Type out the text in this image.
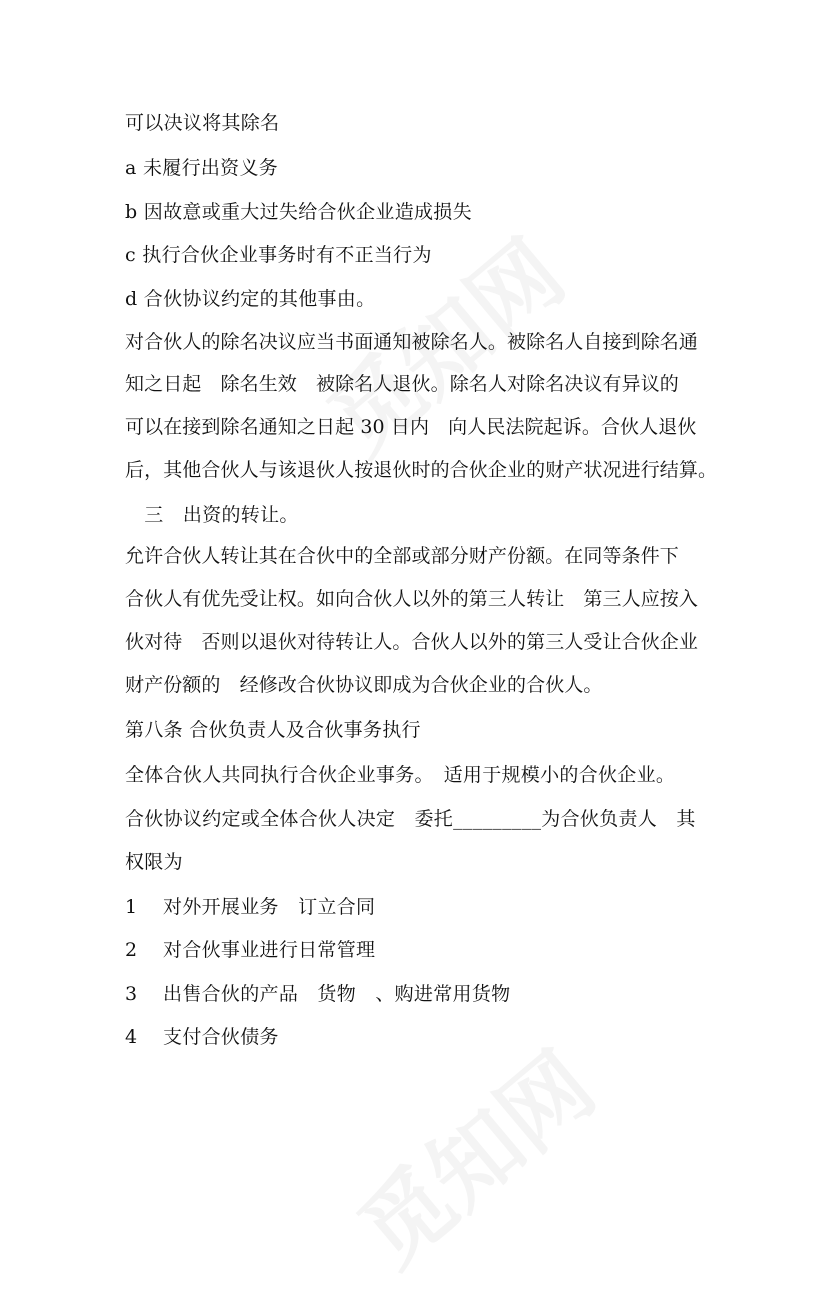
可以决议将其除名
a 未履行出资义务
b 因故意或重大过失给合伙企业造成损失
c 执行合伙企业事务时有不正当行为
d 合伙协议约定的其他事由。
对合伙人的除名决议应当书面通知被除名人。被除名人自接到除名通
知之日起　除名生效　被除名人退伙。除名人对除名决议有异议的
可以在接到除名通知之日起 30 日内　向人民法院起诉。合伙人退伙
后，其他合伙人与该退伙人按退伙时的合伙企业的财产状况进行结算。
　三　出资的转让。
允许合伙人转让其在合伙中的全部或部分财产份额。在同等条件下
合伙人有优先受让权。如向合伙人以外的第三人转让　第三人应按入
伙对待　否则以退伙对待转让人。合伙人以外的第三人受让合伙企业
财产份额的　经修改合伙协议即成为合伙企业的合伙人。
第八条 合伙负责人及合伙事务执行
全体合伙人共同执行合伙企业事务。　适用于规模小的合伙企业。
合伙协议约定或全体合伙人决定　委托_________为合伙负责人　其
权限为
1　 对外开展业务　订立合同
2　 对合伙事业进行日常管理
3　 出售合伙的产品　货物　、购进常用货物
4　 支付合伙债务
